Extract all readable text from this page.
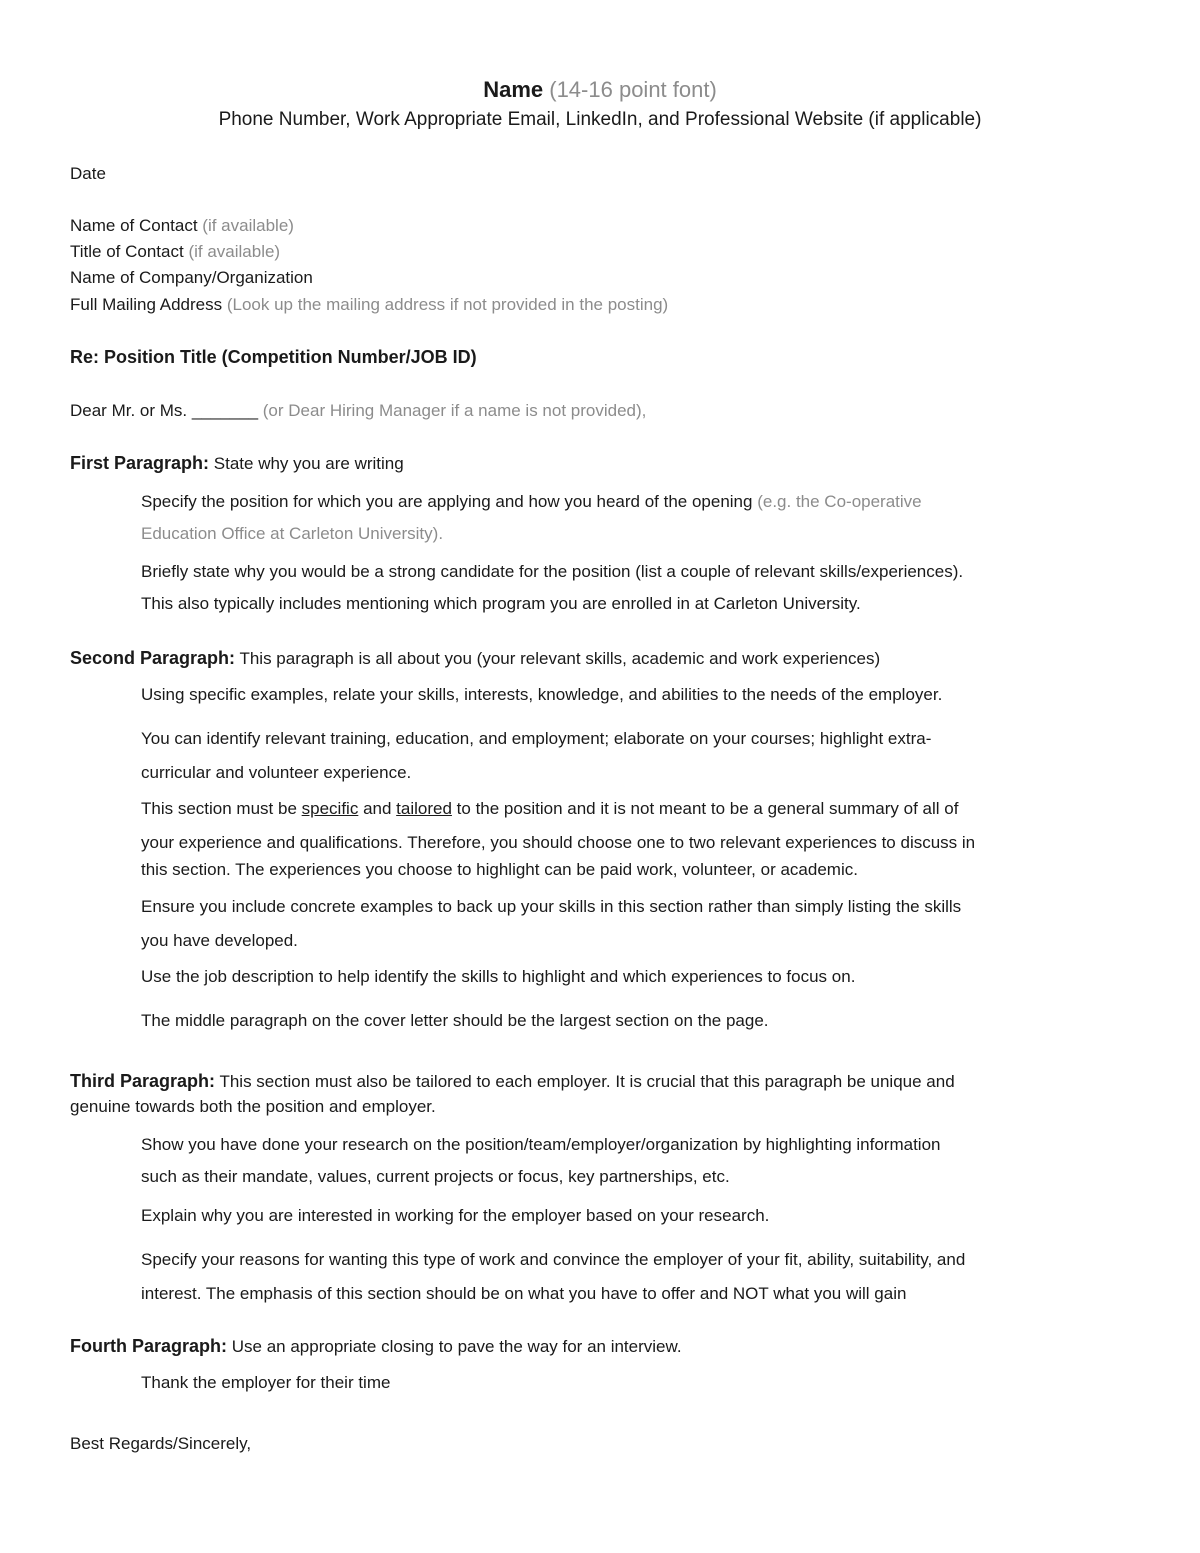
Name (14-16 point font)
Phone Number, Work Appropriate Email, LinkedIn, and Professional Website (if applicable)
Date
Name of Contact (if available)
Title of Contact (if available)
Name of Company/Organization
Full Mailing Address (Look up the mailing address if not provided in the posting)
Re: Position Title (Competition Number/JOB ID)
Dear Mr. or Ms. _______ (or Dear Hiring Manager if a name is not provided),
First Paragraph: State why you are writing
Specify the position for which you are applying and how you heard of the opening (e.g. the Co-operative
Education Office at Carleton University).
Briefly state why you would be a strong candidate for the position (list a couple of relevant skills/experiences).
This also typically includes mentioning which program you are enrolled in at Carleton University.
Second Paragraph: This paragraph is all about you (your relevant skills, academic and work experiences)
Using specific examples, relate your skills, interests, knowledge, and abilities to the needs of the employer.
You can identify relevant training, education, and employment; elaborate on your courses; highlight extra-
curricular and volunteer experience.
This section must be specific and tailored to the position and it is not meant to be a general summary of all of
your experience and qualifications. Therefore, you should choose one to two relevant experiences to discuss in
this section. The experiences you choose to highlight can be paid work, volunteer, or academic.
Ensure you include concrete examples to back up your skills in this section rather than simply listing the skills
you have developed.
Use the job description to help identify the skills to highlight and which experiences to focus on.
The middle paragraph on the cover letter should be the largest section on the page.
Third Paragraph: This section must also be tailored to each employer. It is crucial that this paragraph be unique and
genuine towards both the position and employer.
Show you have done your research on the position/team/employer/organization by highlighting information
such as their mandate, values, current projects or focus, key partnerships, etc.
Explain why you are interested in working for the employer based on your research.
Specify your reasons for wanting this type of work and convince the employer of your fit, ability, suitability, and
interest. The emphasis of this section should be on what you have to offer and NOT what you will gain
Fourth Paragraph: Use an appropriate closing to pave the way for an interview.
Thank the employer for their time
Best Regards/Sincerely,
